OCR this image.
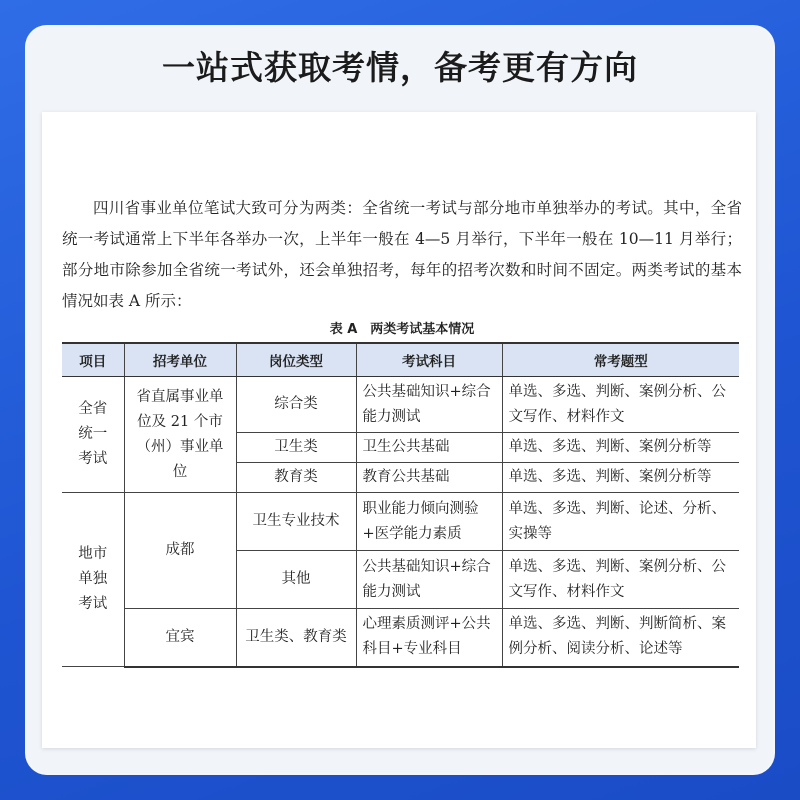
一站式获取考情，备考更有方向

四川省事业单位笔试大致可分为两类：全省统一考试与部分地市单独举办的考试。其中，全省统一考试通常上下半年各举办一次，上半年一般在 4—5 月举行，下半年一般在 10—11 月举行；部分地市除参加全省统一考试外，还会单独招考，每年的招考次数和时间不固定。两类考试的基本情况如表 A 所示：

表 A　两类考试基本情况
项目	招考单位	岗位类型	考试科目	常考题型
全省统一考试	省直属事业单位及 21 个市（州）事业单位	综合类	公共基础知识+综合能力测试	单选、多选、判断、案例分析、公文写作、材料作文
		卫生类	卫生公共基础	单选、多选、判断、案例分析等
		教育类	教育公共基础	单选、多选、判断、案例分析等
地市单独考试	成都	卫生专业技术	职业能力倾向测验+医学能力素质	单选、多选、判断、论述、分析、实操等
		其他	公共基础知识+综合能力测试	单选、多选、判断、案例分析、公文写作、材料作文
	宜宾	卫生类、教育类	心理素质测评+公共科目+专业科目	单选、多选、判断、判断简析、案例分析、阅读分析、论述等
